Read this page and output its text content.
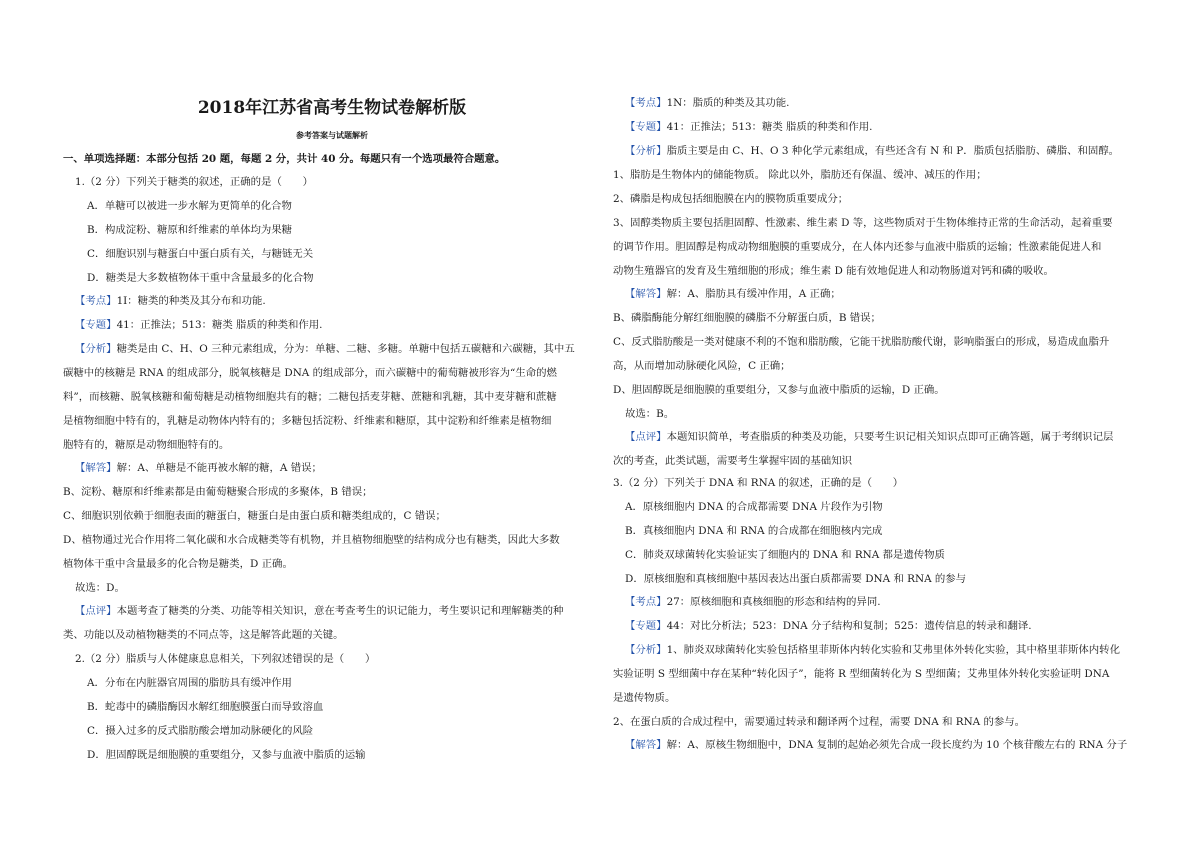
2018年江苏省高考生物试卷解析版

参考答案与试题解析

一、单项选择题：本部分包括 20 题，每题 2 分，共计 40 分。每题只有一个选项最符合题意。
1.（2 分）下列关于糖类的叙述，正确的是（　　）
A．单糖可以被进一步水解为更简单的化合物
B．构成淀粉、糖原和纤维素的单体均为果糖
C．细胞识别与糖蛋白中蛋白质有关，与糖链无关
D．糖类是大多数植物体干重中含量最多的化合物
【 考点 】 1I：糖类的种类及其分布和功能.
【 专题 】 41：正推法；513：糖类 脂质的种类和作用.
【 分析 】 糖类是由 C、H、O 三种元素组成，分为：单糖、二糖、多糖。单糖中包括五碳糖和六碳糖，其中五
碳糖中的核糖是 RNA 的组成部分，脱氧核糖是 DNA 的组成部分，而六碳糖中的葡萄糖被形容为“生命的燃
料”，而核糖、脱氧核糖和葡萄糖是动植物细胞共有的糖；二糖包括麦芽糖、蔗糖和乳糖，其中麦芽糖和蔗糖
是植物细胞中特有的，乳糖是动物体内特有的；多糖包括淀粉、纤维素和糖原，其中淀粉和纤维素是植物细
胞特有的，糖原是动物细胞特有的。
【 解答 】 解：A、单糖是不能再被水解的糖，A 错误；
B、淀粉、糖原和纤维素都是由葡萄糖聚合形成的多聚体，B 错误；
C、细胞识别依赖于细胞表面的糖蛋白，糖蛋白是由蛋白质和糖类组成的，C 错误；
D、植物通过光合作用将二氧化碳和水合成糖类等有机物，并且植物细胞壁的结构成分也有糖类，因此大多数
植物体干重中含量最多的化合物是糖类，D 正确。
故选：D。
【 点评 】 本题考查了糖类的分类、功能等相关知识，意在考查考生的识记能力，考生要识记和理解糖类的种
类、功能以及动植物糖类的不同点等，这是解答此题的关键。
2.（2 分）脂质与人体健康息息相关，下列叙述错误的是（　　）
A．分布在内脏器官周围的脂肪具有缓冲作用
B．蛇毒中的磷脂酶因水解红细胞膜蛋白而导致溶血
C．摄入过多的反式脂肪酸会增加动脉硬化的风险
D．胆固醇既是细胞膜的重要组分，又参与血液中脂质的运输
【 考点 】 1N：脂质的种类及其功能.
【 专题 】 41：正推法；513：糖类 脂质的种类和作用.
【 分析 】 脂质主要是由 C、H、O 3 种化学元素组成，有些还含有 N 和 P．脂质包括脂肪、磷脂、和固醇。
1、脂肪是生物体内的储能物质。 除此以外，脂肪还有保温、缓冲、减压的作用；
2、磷脂是构成包括细胞膜在内的膜物质重要成分；
3、固醇类物质主要包括胆固醇、性激素、维生素 D 等，这些物质对于生物体维持正常的生命活动，起着重要
的调节作用。胆固醇是构成动物细胞膜的重要成分，在人体内还参与血液中脂质的运输；性激素能促进人和
动物生殖器官的发育及生殖细胞的形成；维生素 D 能有效地促进人和动物肠道对钙和磷的吸收。
【 解答 】 解：A、脂肪具有缓冲作用，A 正确；
B、磷脂酶能分解红细胞膜的磷脂不分解蛋白质，B 错误；
C、反式脂肪酸是一类对健康不利的不饱和脂肪酸，它能干扰脂肪酸代谢，影响脂蛋白的形成，易造成血脂升
高，从而增加动脉硬化风险，C 正确；
D、胆固醇既是细胞膜的重要组分，又参与血液中脂质的运输，D 正确。
故选：B。
【 点评 】 本题知识简单，考查脂质的种类及功能，只要考生识记相关知识点即可正确答题，属于考纲识记层
次的考查，此类试题，需要考生掌握牢固的基础知识
3.（2 分）下列关于 DNA 和 RNA 的叙述，正确的是（　　）
A．原核细胞内 DNA 的合成都需要 DNA 片段作为引物
B．真核细胞内 DNA 和 RNA 的合成都在细胞核内完成
C．肺炎双球菌转化实验证实了细胞内的 DNA 和 RNA 都是遗传物质
D．原核细胞和真核细胞中基因表达出蛋白质都需要 DNA 和 RNA 的参与
【 考点 】 27：原核细胞和真核细胞的形态和结构的异同.
【 专题 】 44：对比分析法；523：DNA 分子结构和复制；525：遗传信息的转录和翻译.
【 分析 】 1、肺炎双球菌转化实验包括格里菲斯体内转化实验和艾弗里体外转化实验，其中格里菲斯体内转化
实验证明 S 型细菌中存在某种“转化因子”，能将 R 型细菌转化为 S 型细菌；艾弗里体外转化实验证明 DNA
是遗传物质。
2、在蛋白质的合成过程中，需要通过转录和翻译两个过程，需要 DNA 和 RNA 的参与。
【 解答 】 解：A、原核生物细胞中，DNA 复制的起始必须先合成一段长度约为 10 个核苷酸左右的 RNA 分子
